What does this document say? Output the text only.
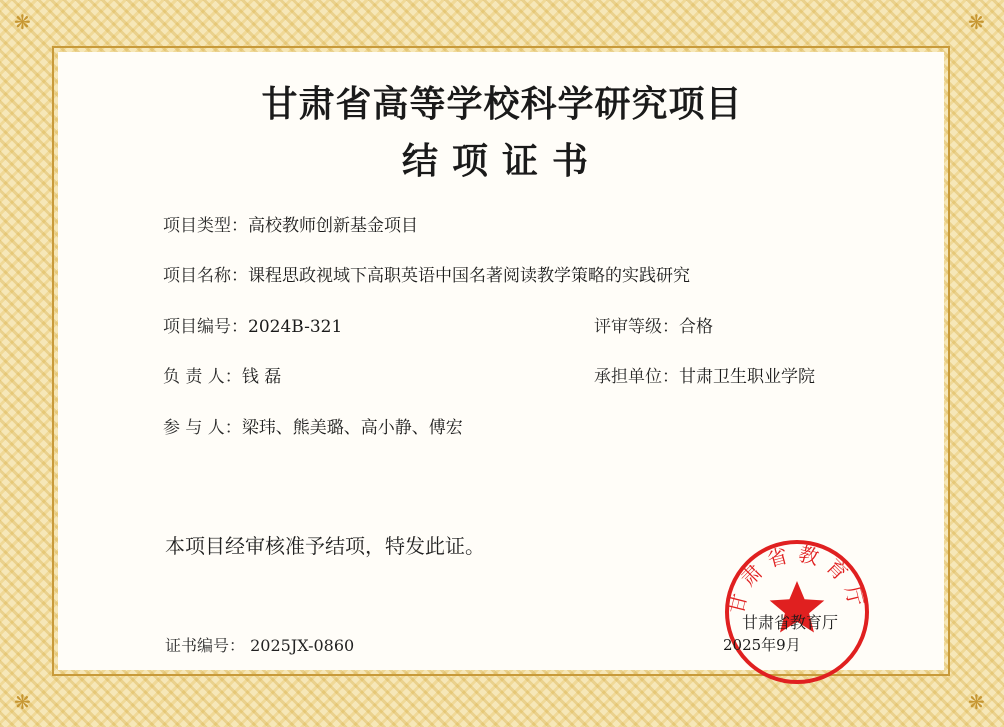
❋	❋
❋	❋
甘肃省高等学校科学研究项目
结项证书
项目类型：高校教师创新基金项目
项目名称：课程思政视域下高职英语中国名著阅读教学策略的实践研究
项目编号：2024B-321	评审等级：合格
负 责 人：钱 磊	承担单位：甘肃卫生职业学院
参 与 人：梁玮、熊美璐、高小静、傅宏
本项目经审核准予结项，特发此证。
证书编号： 2025JX-0860
甘肃省教育厅
甘肃省教育厅
2025年9月
